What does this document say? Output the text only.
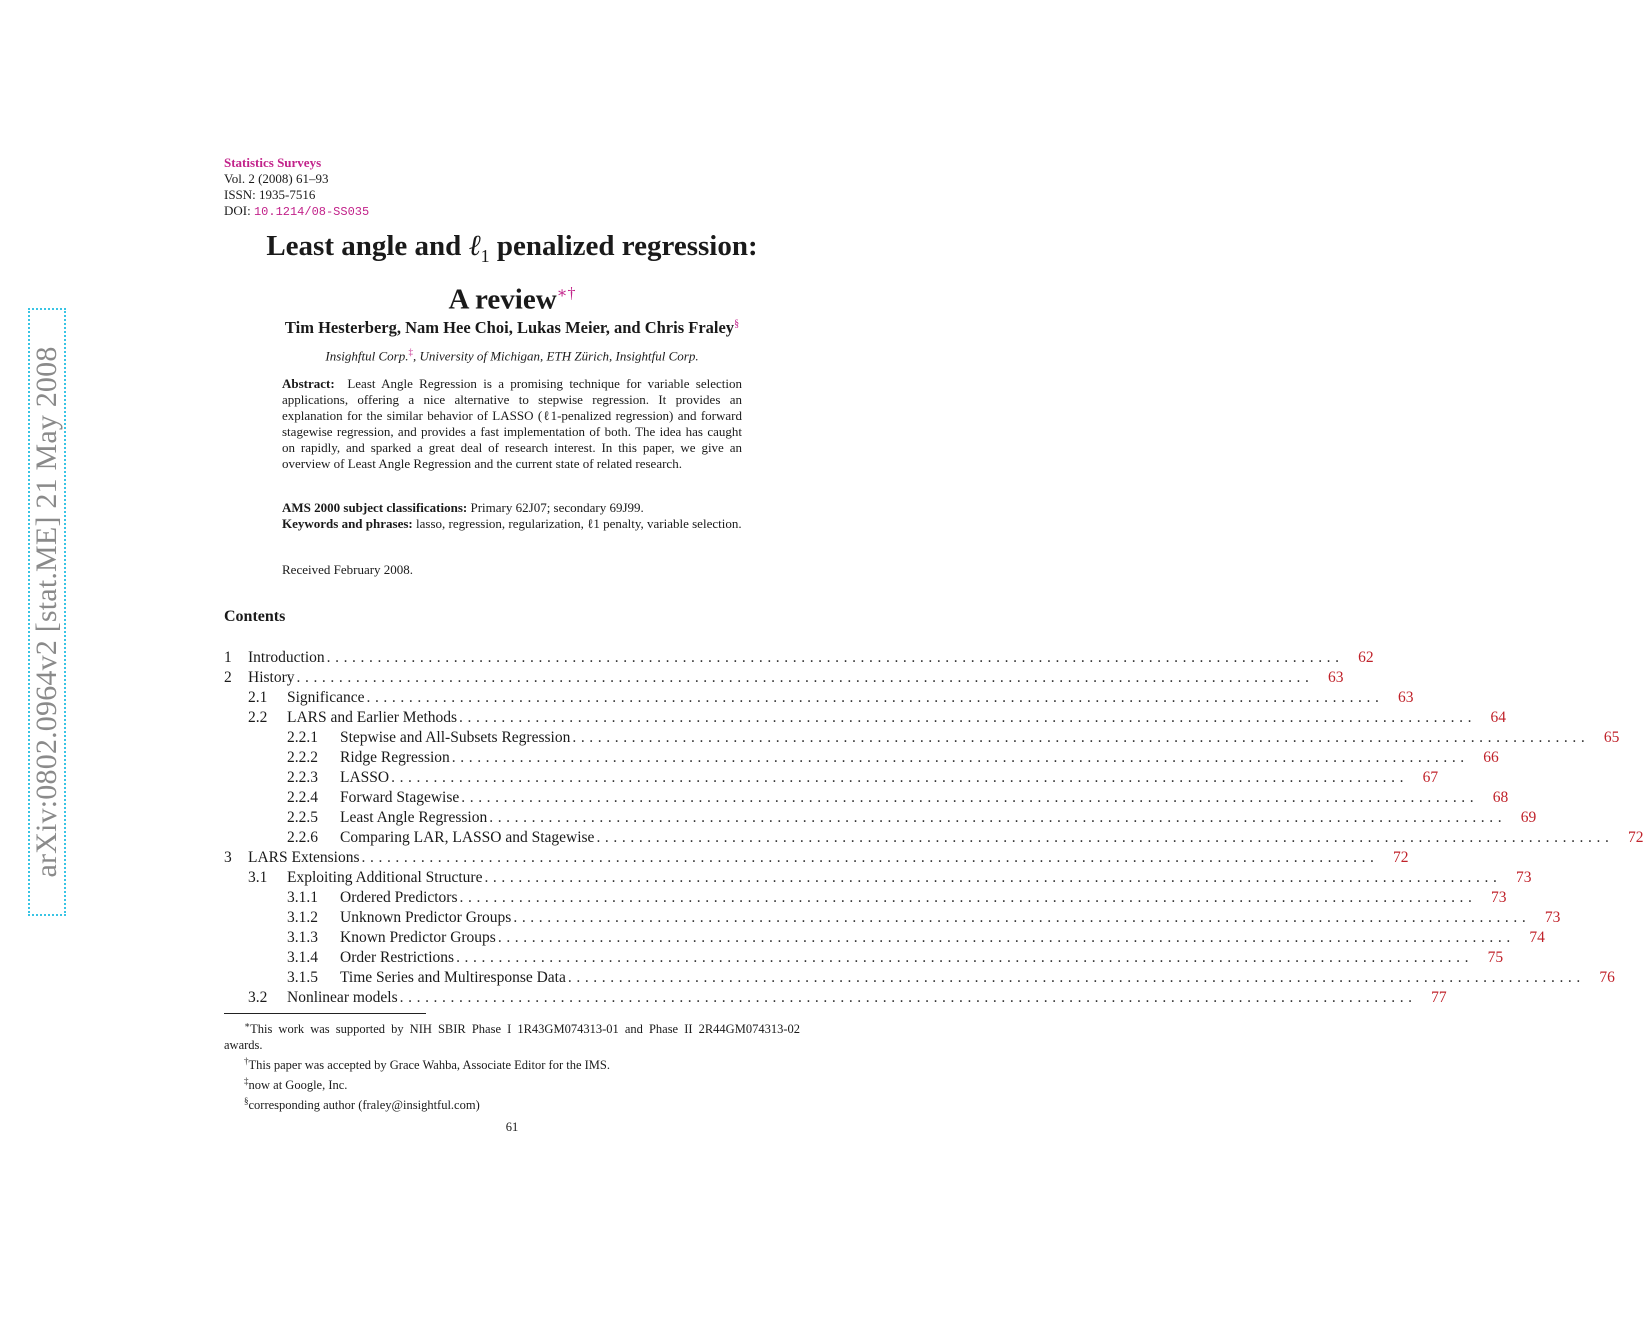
arXiv:0802.0964v2 [stat.ME] 21 May 2008
Statistics Surveys
Vol. 2 (2008) 61–93
ISSN: 1935-7516
DOI: 10.1214/08-SS035
Least angle and ℓ$_1$ penalized regression:
A review∗†
Tim Hesterberg, Nam Hee Choi, Lukas Meier, and Chris Fraley§
Insighftul Corp.‡, University of Michigan, ETH Zürich, Insightful Corp.
Abstract: Least Angle Regression is a promising technique for variable selection applications, offering a nice alternative to stepwise regression. It provides an explanation for the similar behavior of LASSO (ℓ1-penalized regression) and forward stagewise regression, and provides a fast implementation of both. The idea has caught on rapidly, and sparked a great deal of research interest. In this paper, we give an overview of Least Angle Regression and the current state of related research.
AMS 2000 subject classifications: Primary 62J07; secondary 69J99.
Keywords and phrases: lasso, regression, regularization, ℓ1 penalty, variable selection.
Received February 2008.
Contents
1	Introduction ........................................................................................................................ 62
2	History ........................................................................................................................ 63
2.1	Significance ........................................................................................................................ 63
2.2	LARS and Earlier Methods ........................................................................................................................ 64
2.2.1	Stepwise and All-Subsets Regression ........................................................................................................................ 65
2.2.2	Ridge Regression ........................................................................................................................ 66
2.2.3	LASSO ........................................................................................................................ 67
2.2.4	Forward Stagewise ........................................................................................................................ 68
2.2.5	Least Angle Regression ........................................................................................................................ 69
2.2.6	Comparing LAR, LASSO and Stagewise ........................................................................................................................ 72
3	LARS Extensions ........................................................................................................................ 72
3.1	Exploiting Additional Structure ........................................................................................................................ 73
3.1.1	Ordered Predictors ........................................................................................................................ 73
3.1.2	Unknown Predictor Groups ........................................................................................................................ 73
3.1.3	Known Predictor Groups ........................................................................................................................ 74
3.1.4	Order Restrictions ........................................................................................................................ 75
3.1.5	Time Series and Multiresponse Data ........................................................................................................................ 76
3.2	Nonlinear models ........................................................................................................................ 77

∗This work was supported by NIH SBIR Phase I 1R43GM074313-01 and Phase II 2R44GM074313-02 awards.

†This paper was accepted by Grace Wahba, Associate Editor for the IMS.

‡now at Google, Inc.

§corresponding author (fraley@insightful.com)

61
